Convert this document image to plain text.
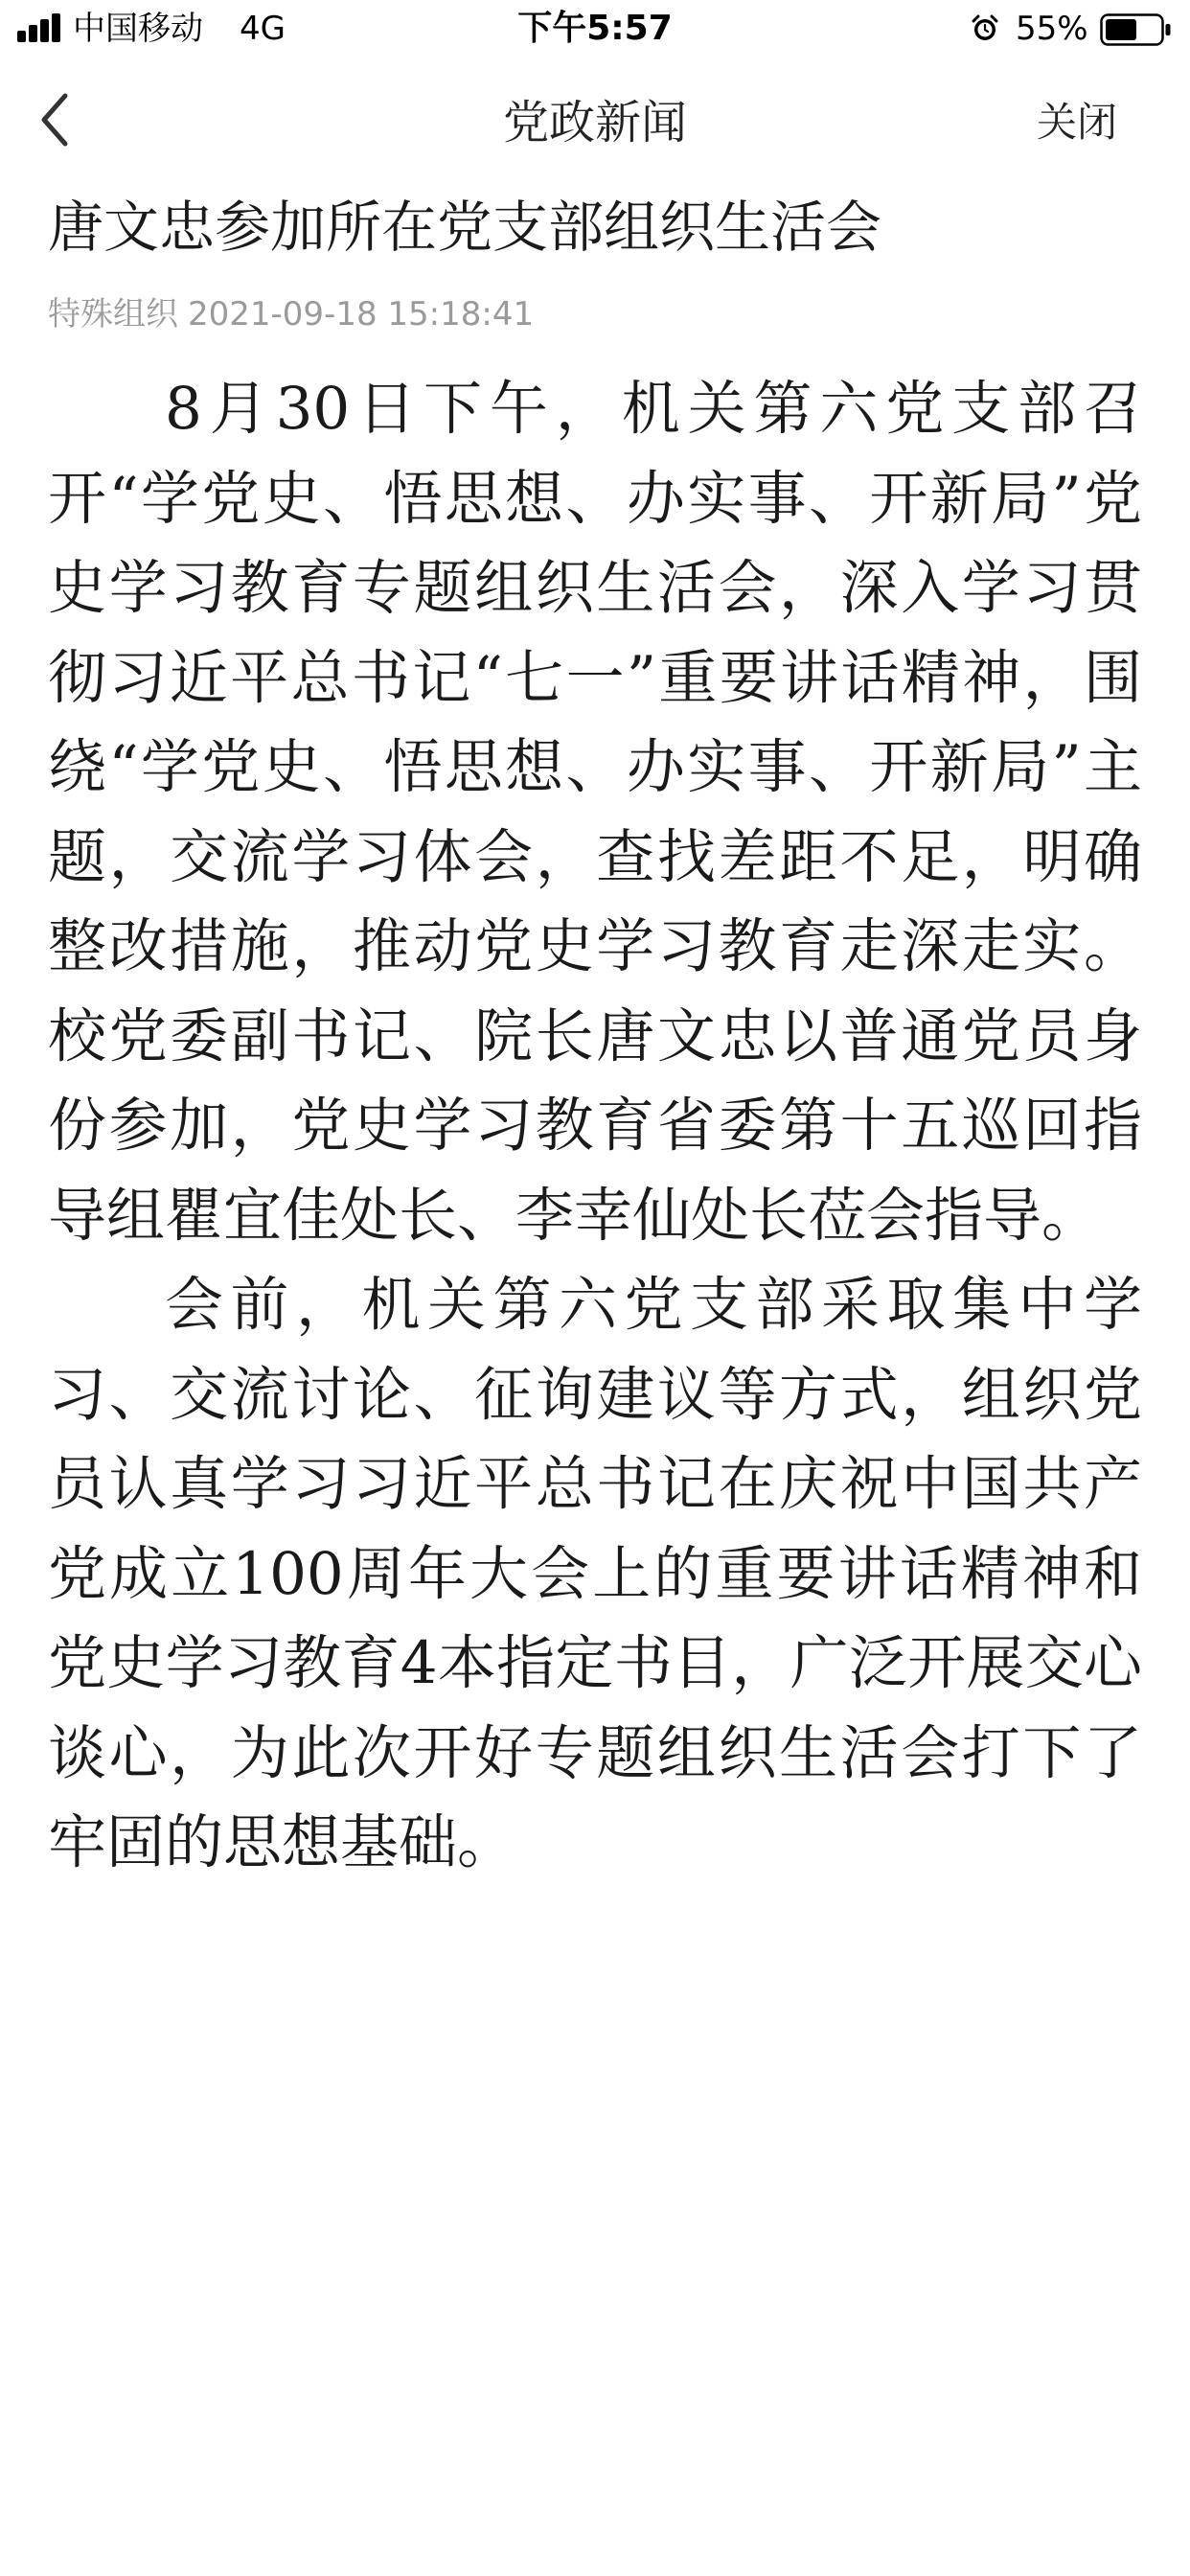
中国移动 4G	下午5:57	55%
党政新闻	关闭
唐文忠参加所在党支部组织生活会
特殊组织 2021-09-18 15:18:41

8月30日下午，机关第六党支部召开“学党史、悟思想、办实事、开新局”党史学习教育专题组织生活会，深入学习贯彻习近平总书记“七一”重要讲话精神，围绕“学党史、悟思想、办实事、开新局”主题，交流学习体会，查找差距不足，明确整改措施，推动党史学习教育走深走实。校党委副书记、院长唐文忠以普通党员身份参加，党史学习教育省委第十五巡回指导组瞿宜佳处长、李幸仙处长莅会指导。

会前，机关第六党支部采取集中学习、交流讨论、征询建议等方式，组织党员认真学习习近平总书记在庆祝中国共产党成立100周年大会上的重要讲话精神和党史学习教育4本指定书目，广泛开展交心谈心，为此次开好专题组织生活会打下了牢固的思想基础。
